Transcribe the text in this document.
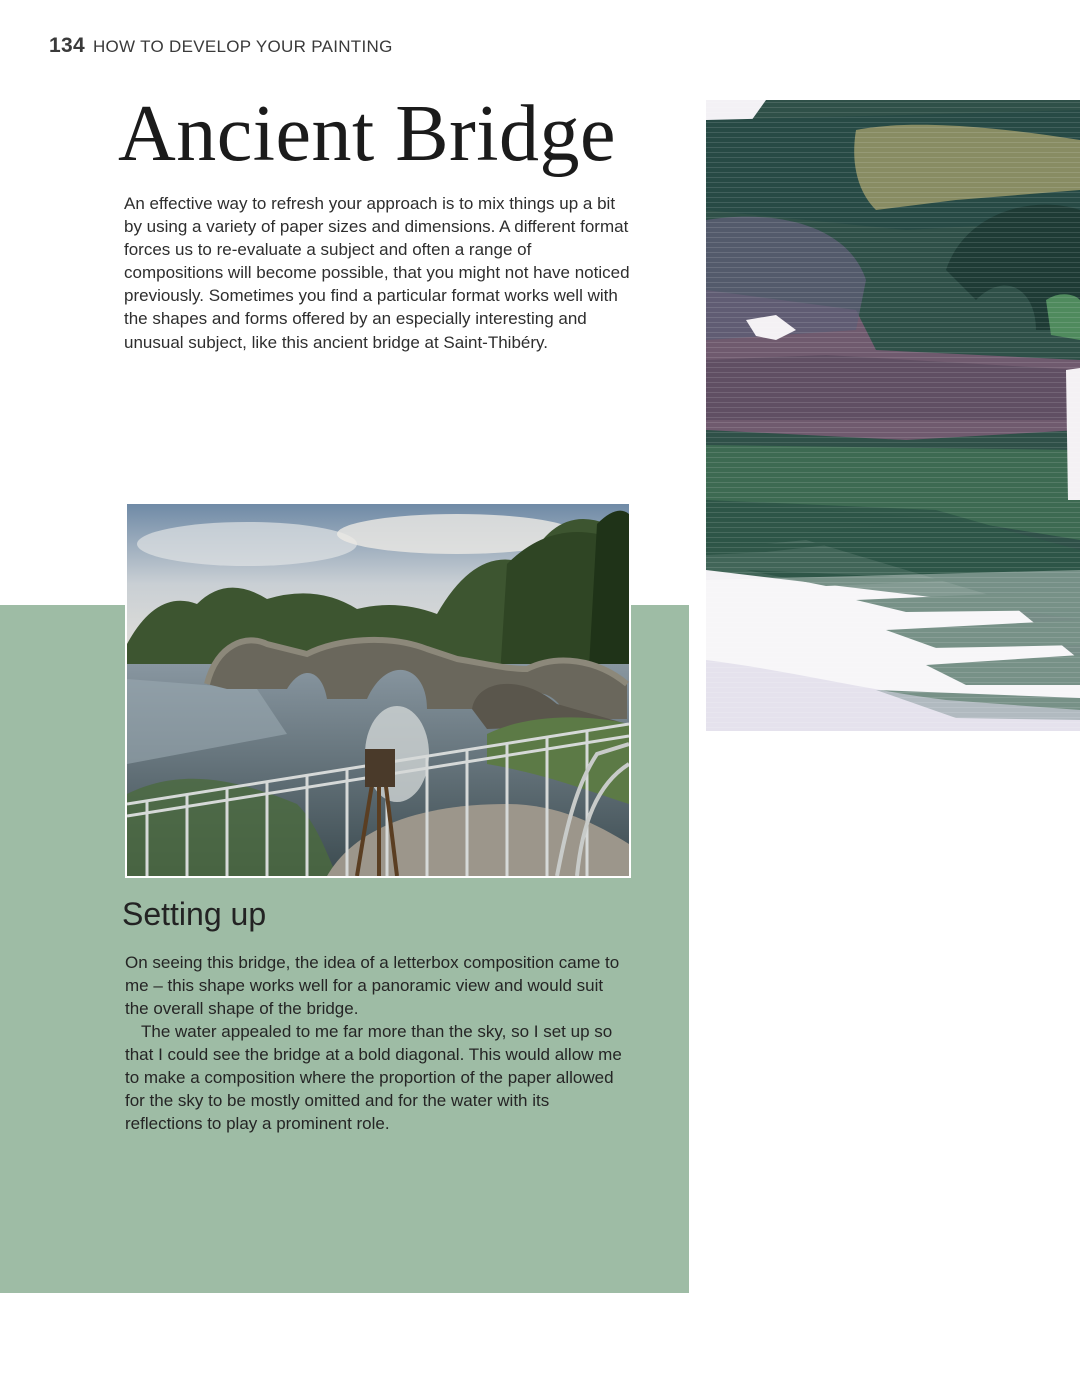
134 HOW TO DEVELOP YOUR PAINTING
Ancient Bridge

An effective way to refresh your approach is to mix things up a bit by using a variety of paper sizes and dimensions. A different format forces us to re-evaluate a subject and often a range of compositions will become possible, that you might not have noticed previously. Sometimes you find a particular format works well with the shapes and forms offered by an especially interesting and unusual subject, like this ancient bridge at Saint-Thibéry.

Setting up

On seeing this bridge, the idea of a letterbox composition came to me – this shape works well for a panoramic view and would suit the overall shape of the bridge.

The water appealed to me far more than the sky, so I set up so that I could see the bridge at a bold diagonal. This would allow me to make a composition where the proportion of the paper allowed for the sky to be mostly omitted and for the water with its reflections to play a prominent role.
